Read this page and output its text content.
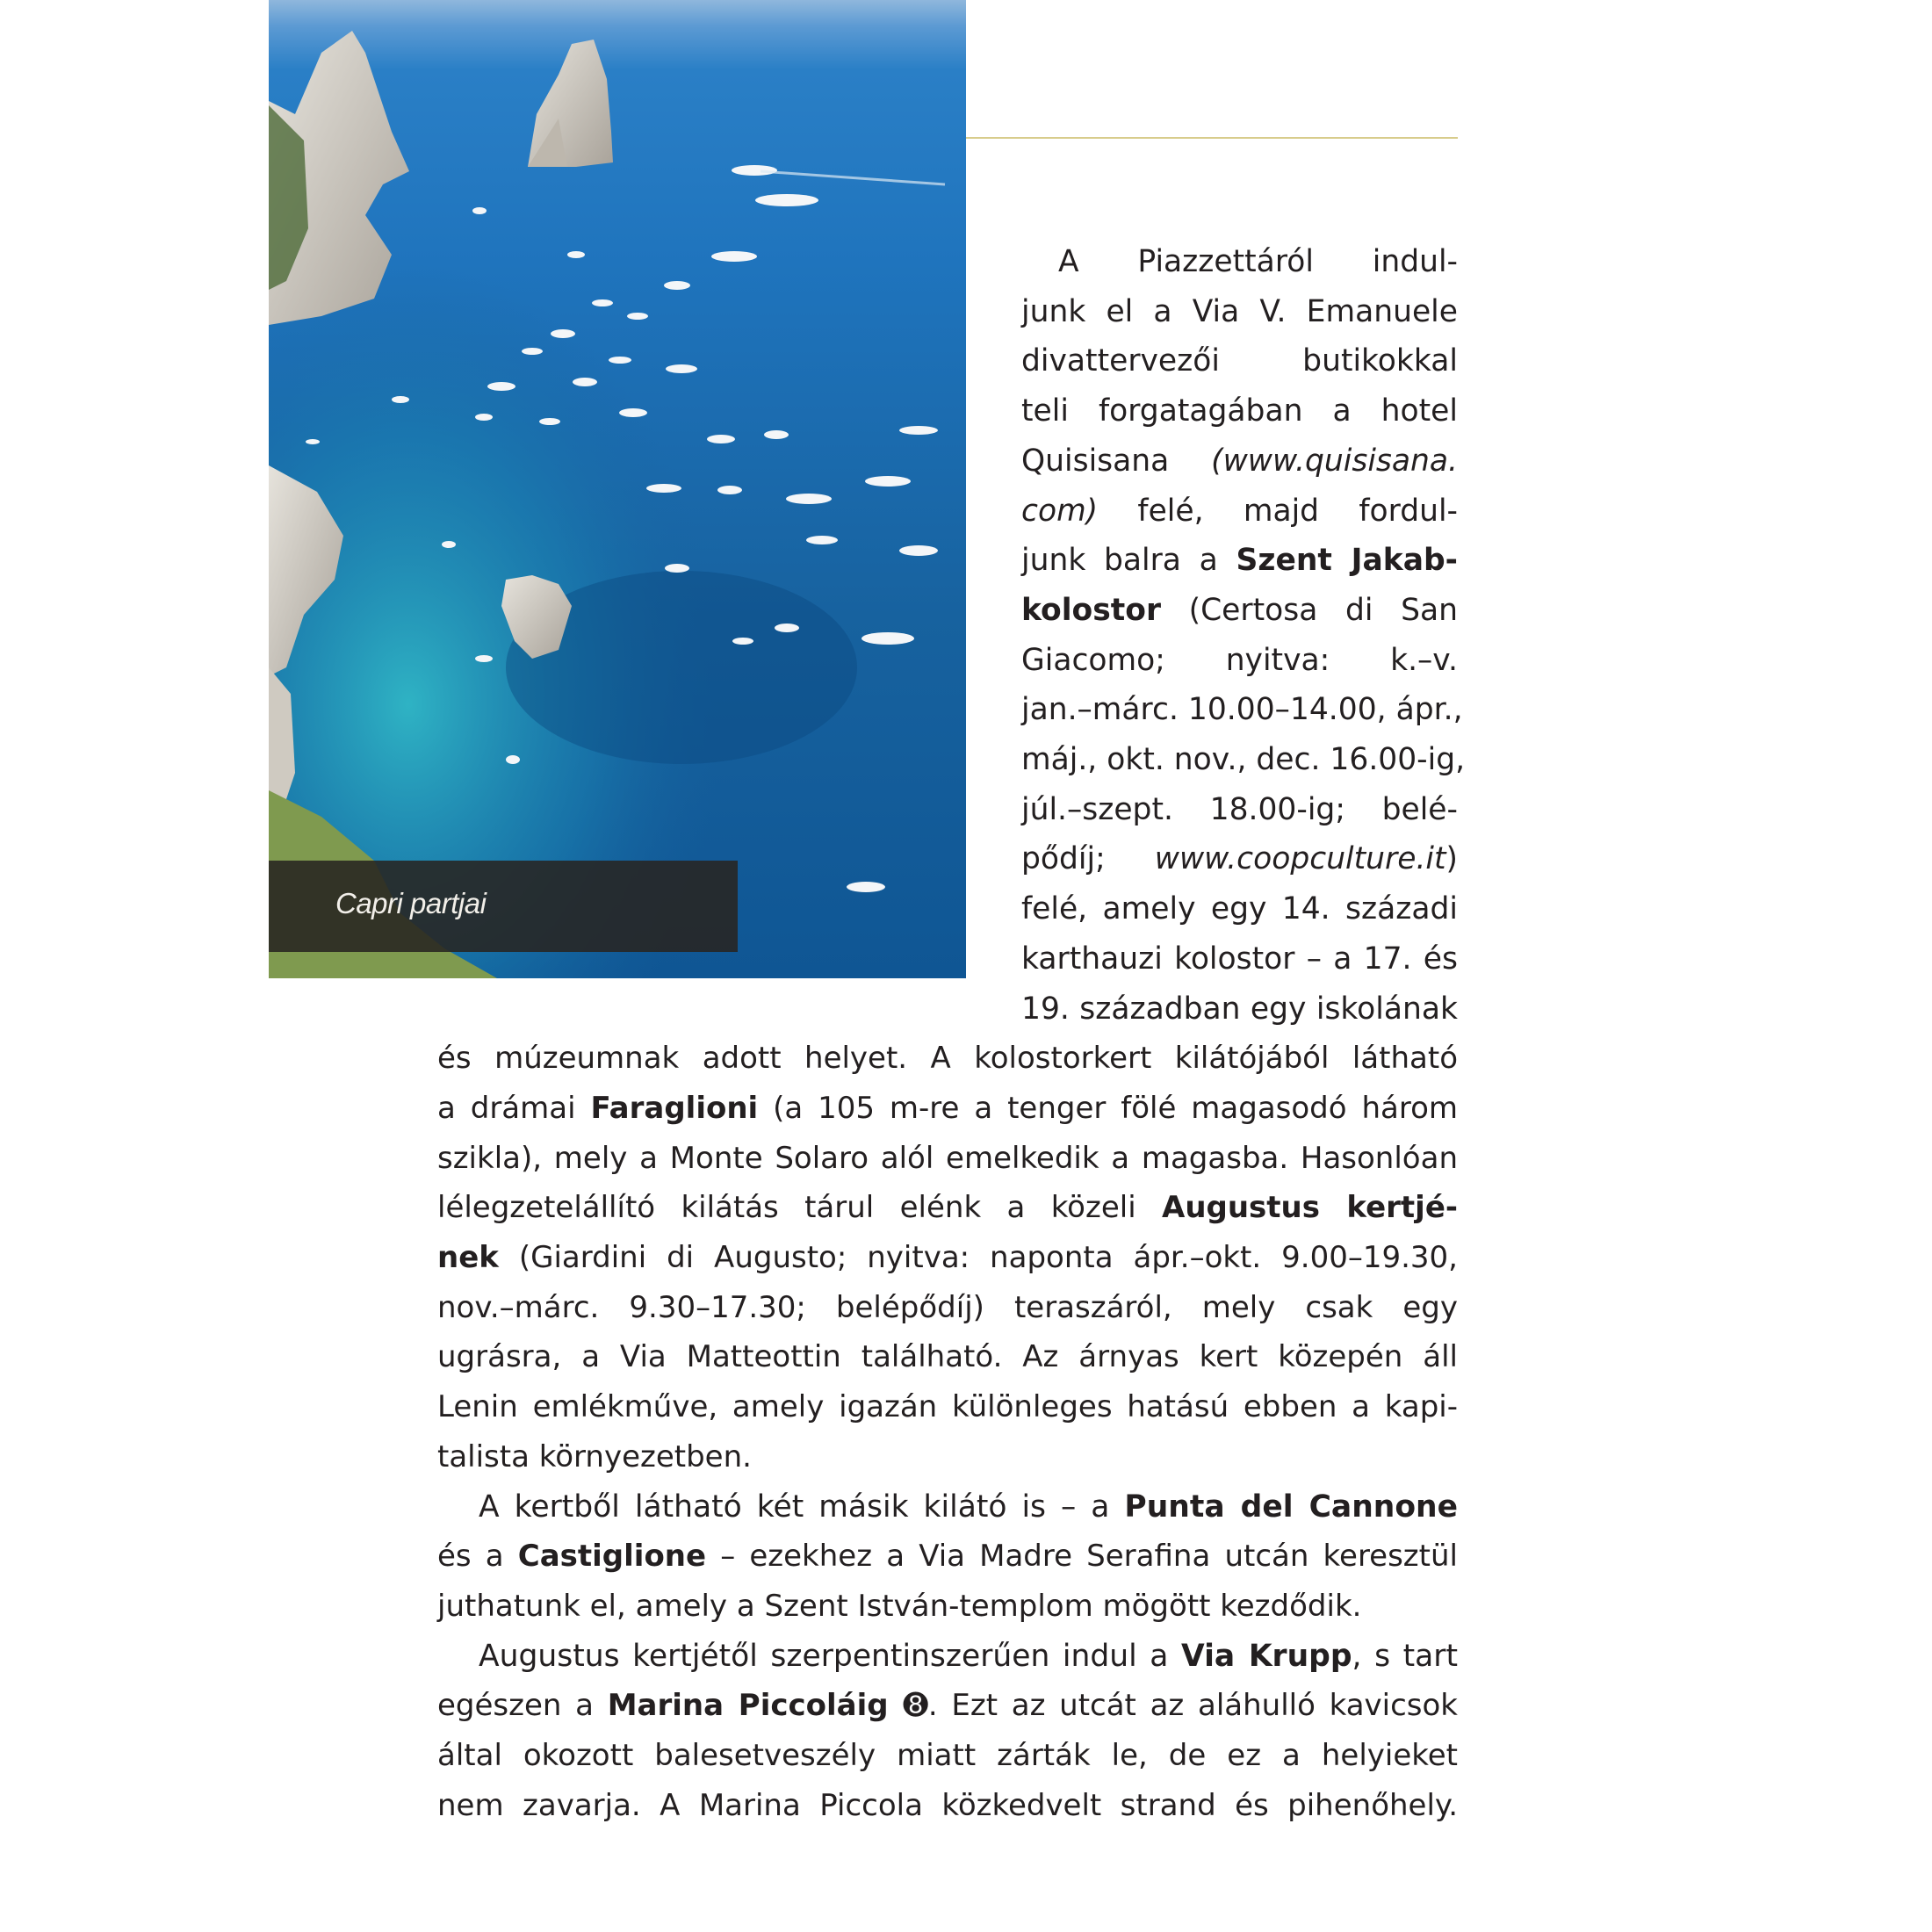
Capri partjai
A Piazzettáról indul-
junk el a Via V. Emanuele
divattervezői butikokkal
teli forgatagában a hotel
Quisisana (www.quisisana.
com) felé, majd fordul-
junk balra a Szent Jakab-
kolostor (Certosa di San
Giacomo; nyitva: k.–v.
jan.–márc. 10.00–14.00, ápr.,
máj., okt. nov., dec. 16.00-ig,
júl.–szept. 18.00-ig; belé-
pődíj; www.coopculture.it)
felé, amely egy 14. századi
karthauzi kolostor – a 17. és
19. században egy iskolának
és múzeumnak adott helyet. A kolostorkert kilátójából látható
a drámai Faraglioni (a 105 m-re a tenger fölé magasodó három
szikla), mely a Monte Solaro alól emelkedik a magasba. Hasonlóan
lélegzetelállító kilátás tárul elénk a közeli Augustus kertjé-
nek (Giardini di Augusto; nyitva: naponta ápr.–okt. 9.00–19.30,
nov.–márc. 9.30–17.30; belépődíj) teraszáról, mely csak egy
ugrásra, a Via Matteottin található. Az árnyas kert közepén áll
Lenin emlékműve, amely igazán különleges hatású ebben a kapi-
talista környezetben.
A kertből látható két másik kilátó is – a Punta del Cannone
és a Castiglione – ezekhez a Via Madre Serafina utcán keresztül
juthatunk el, amely a Szent István-templom mögött kezdődik.
Augustus kertjétől szerpentinszerűen indul a Via Krupp, s tart
egészen a Marina Piccoláig ➑. Ezt az utcát az aláhulló kavicsok
által okozott balesetveszély miatt zárták le, de ez a helyieket
nem zavarja. A Marina Piccola közkedvelt strand és pihenőhely.
